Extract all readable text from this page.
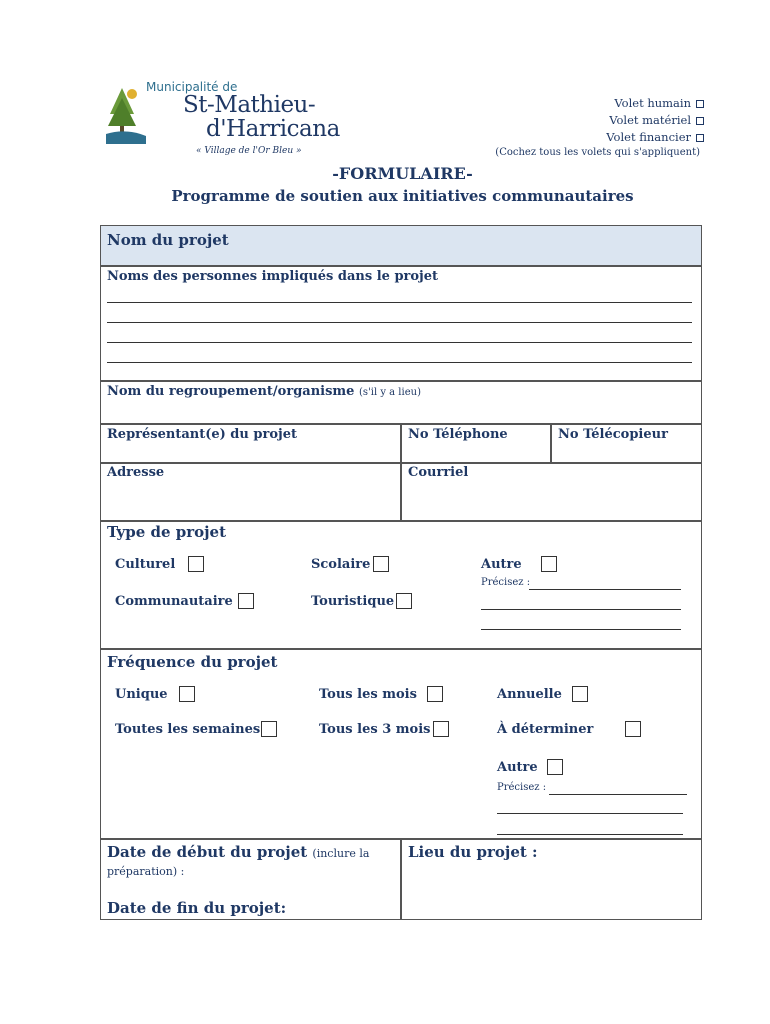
Municipalité de
St-Mathieu-
d'Harricana
« Village de l'Or Bleu »
Volet humain
Volet matériel
Volet financier
(Cochez tous les volets qui s'appliquent)
-FORMULAIRE-
Programme de soutien aux initiatives communautaires
Nom du projet
Noms des personnes impliqués dans le projet
Nom du regroupement/organisme (s'il y a lieu)
Représentant(e) du projet	No Téléphone	No Télécopieur
Adresse	Courriel
Type de projet
Culturel	Scolaire	Autre
Précisez :
Communautaire	Touristique
Fréquence du projet
Unique	Tous les mois	Annuelle
Toutes les semaines	Tous les 3 mois	À déterminer
Autre
Précisez :
Date de début du projet (inclure la
préparation) :
Date de fin du projet:
Lieu du projet :
